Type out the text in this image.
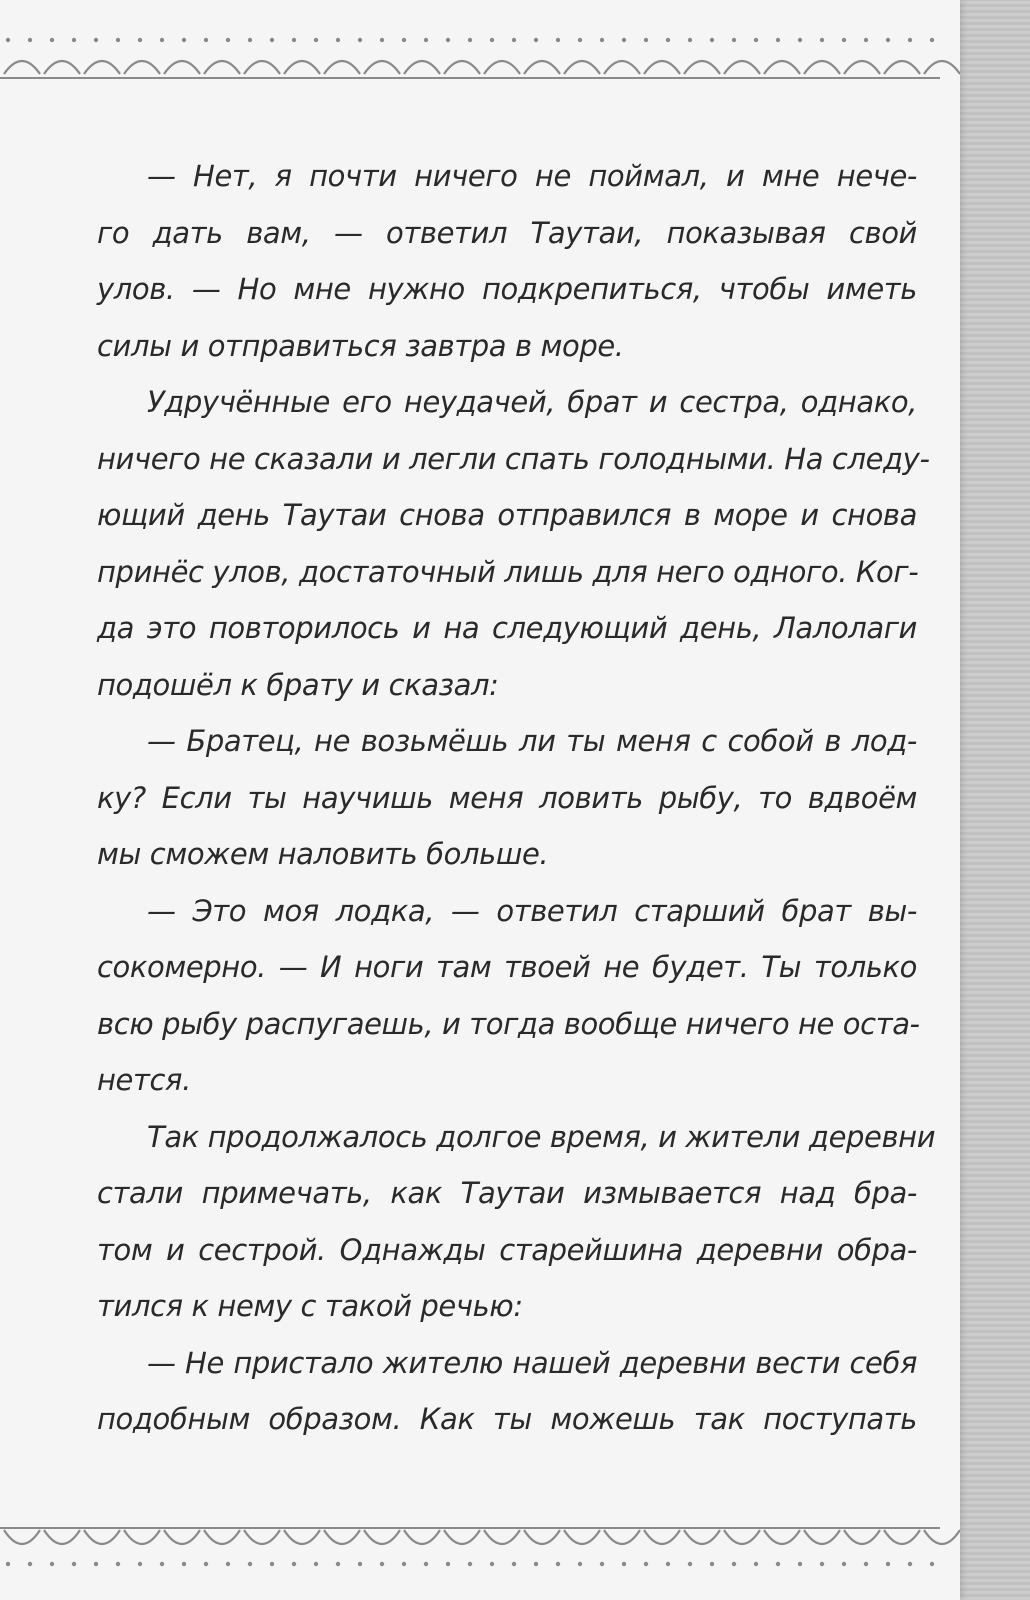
— Нет, я почти ничего не поймал, и мне нече-
го дать вам, — ответил Таутаи, показывая свой
улов. — Но мне нужно подкрепиться, чтобы иметь
силы и отправиться завтра в море.
Удручённые его неудачей, брат и сестра, однако,
ничего не сказали и легли спать голодными. На следу-
ющий день Таутаи снова отправился в море и снова
принёс улов, достаточный лишь для него одного. Ког-
да это повторилось и на следующий день, Лалолаги
подошёл к брату и сказал:
— Братец, не возьмёшь ли ты меня с собой в лод-
ку? Если ты научишь меня ловить рыбу, то вдвоём
мы сможем наловить больше.
— Это моя лодка, — ответил старший брат вы-
сокомерно. — И ноги там твоей не будет. Ты только
всю рыбу распугаешь, и тогда вообще ничего не оста-
нется.
Так продолжалось долгое время, и жители деревни
стали примечать, как Таутаи измывается над бра-
том и сестрой. Однажды старейшина деревни обра-
тился к нему с такой речью:
— Не пристало жителю нашей деревни вести себя
подобным образом. Как ты можешь так поступать
